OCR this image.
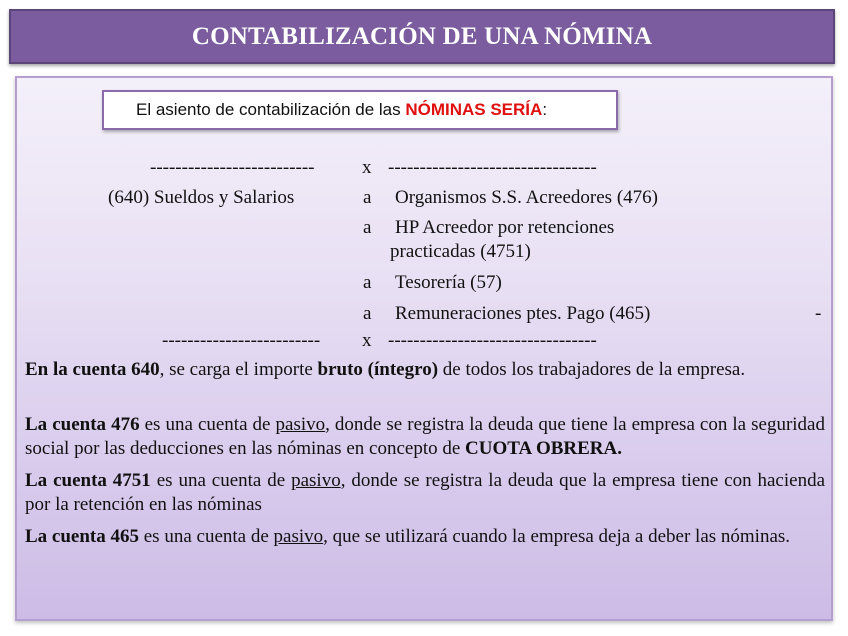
CONTABILIZACIÓN DE UNA NÓMINA
El asiento de contabilización de las NÓMINAS SERÍA :
-------------------------- x ---------------------------------
(640) Sueldos y Salarios	a Organismos S.S. Acreedores (476)
a HP Acreedor por retenciones
practicadas (4751)
a Tesorería (57)
a Remuneraciones ptes. Pago (465)	-
------------------------- x ---------------------------------
En la cuenta 640, se carga el importe bruto (íntegro) de todos los trabajadores de la empresa.
La cuenta 476 es una cuenta de pasivo, donde se registra la deuda que tiene la empresa con la seguridad social por las deducciones en las nóminas en concepto de CUOTA OBRERA.
La cuenta 4751 es una cuenta de pasivo, donde se registra la deuda que la empresa tiene con hacienda por la retención en las nóminas
La cuenta 465 es una cuenta de pasivo, que se utilizará cuando la empresa deja a deber las nóminas.
